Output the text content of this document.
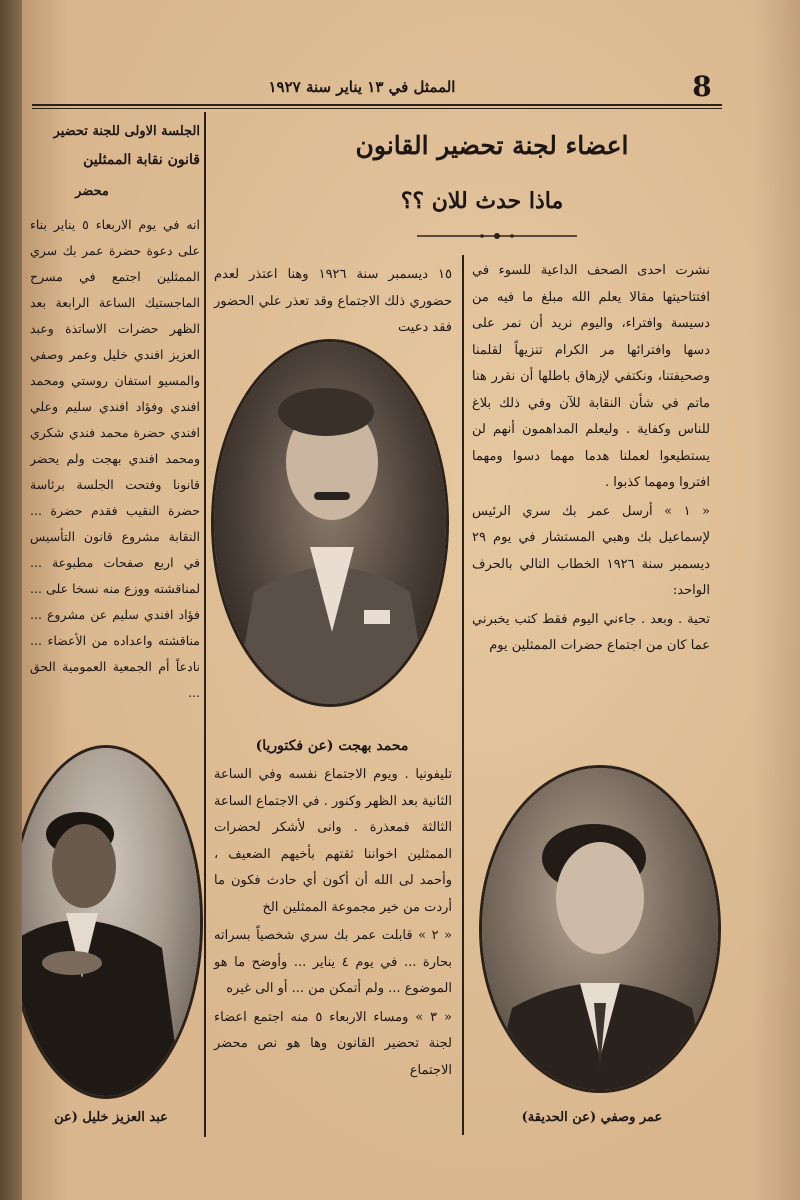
الممثل في ١٣ يناير سنة ١٩٢٧	8
اعضاء لجنة تحضير القانون
ماذا حدث للان ؟؟

نشرت احدى الصحف الداعية للسوء في افتتاحيتها مقالا يعلم الله مبلغ ما فيه من دسيسة وافتراء، واليوم نريد أن نمر على دسها وافترائها مر الكرام تنزيهاً لقلمنا وصحيفتنا، ونكتفي لإزهاق باطلها أن نقرر هنا ماتم في شأن النقابة للآن وفي ذلك بلاغ للناس وكفاية . وليعلم المداهمون أنهم لن يستطيعوا لعملنا هدما مهما دسوا ومهما افتروا ومهما كذبوا .

« ١ » أرسل عمر بك سري الرئيس لإسماعيل بك وهبي المستشار في يوم ٢٩ ديسمبر سنة ١٩٢٦ الخطاب التالي بالحرف الواحد:

تحية . وبعد . جاءني اليوم فقط كتب يخبرني عما كان من اجتماع حضرات الممثلين يوم

١٥ ديسمبر سنة ١٩٢٦ وهنا اعتذر لعدم حضوري ذلك الاجتماع وقد تعذر علي الحضور فقد دعيت
محمد بهجت (عن فكتوريا)

تليفونيا . ويوم الاجتماع نفسه وفي الساعة الثانية بعد الظهر وكنور . في الاجتماع الساعة الثالثة فمعذرة . وانى لأشكر لحضرات الممثلين اخواننا ثقتهم بأخيهم الضعيف ، وأحمد لى الله أن أكون أي حادث فكون ما أردت من خير مجموعة الممثلين الخ

« ٢ » قابلت عمر بك سري شخصياً بسراته بحارة ... في يوم ٤ يناير ... وأوضح ما هو الموضوع ... ولم أتمكن من ... أو الى غيره

« ٣ » ومساء الاربعاء ٥ منه اجتمع اعضاء لجنة تحضير القانون وها هو نص محضر الاجتماع

عمر وصفي (عن الحديقة)
الجلسة الاولى للجنة تحضير
قانون نقابة الممثلين
محضر
انه في يوم الاربعاء ٥ يناير بناء على دعوة حضرة عمر بك سري الممثلين اجتمع في مسرح الماجستيك الساعة الرابعة بعد الظهر حضرات الاساتذة وعبد العزيز افندي خليل وعمر وصفي والمسيو استفان روستي ومحمد افندي وفؤاد افندي سليم وعلي افندي حضرة محمد فندي شكري ومحمد افندي بهجت ولم يحضر قانونا وفتحت الجلسة برئاسة حضرة النقيب فقدم حضرة ... النقابة مشروع قانون التأسيس في اربع صفحات مطبوعة ... لمناقشته ووزع منه نسخا على ... فؤاد افندي سليم عن مشروع ... مناقشته واعداده من الأعضاء ... نادعاً أم الجمعية العمومية الحق ...
عبد العزيز خليل (عن
